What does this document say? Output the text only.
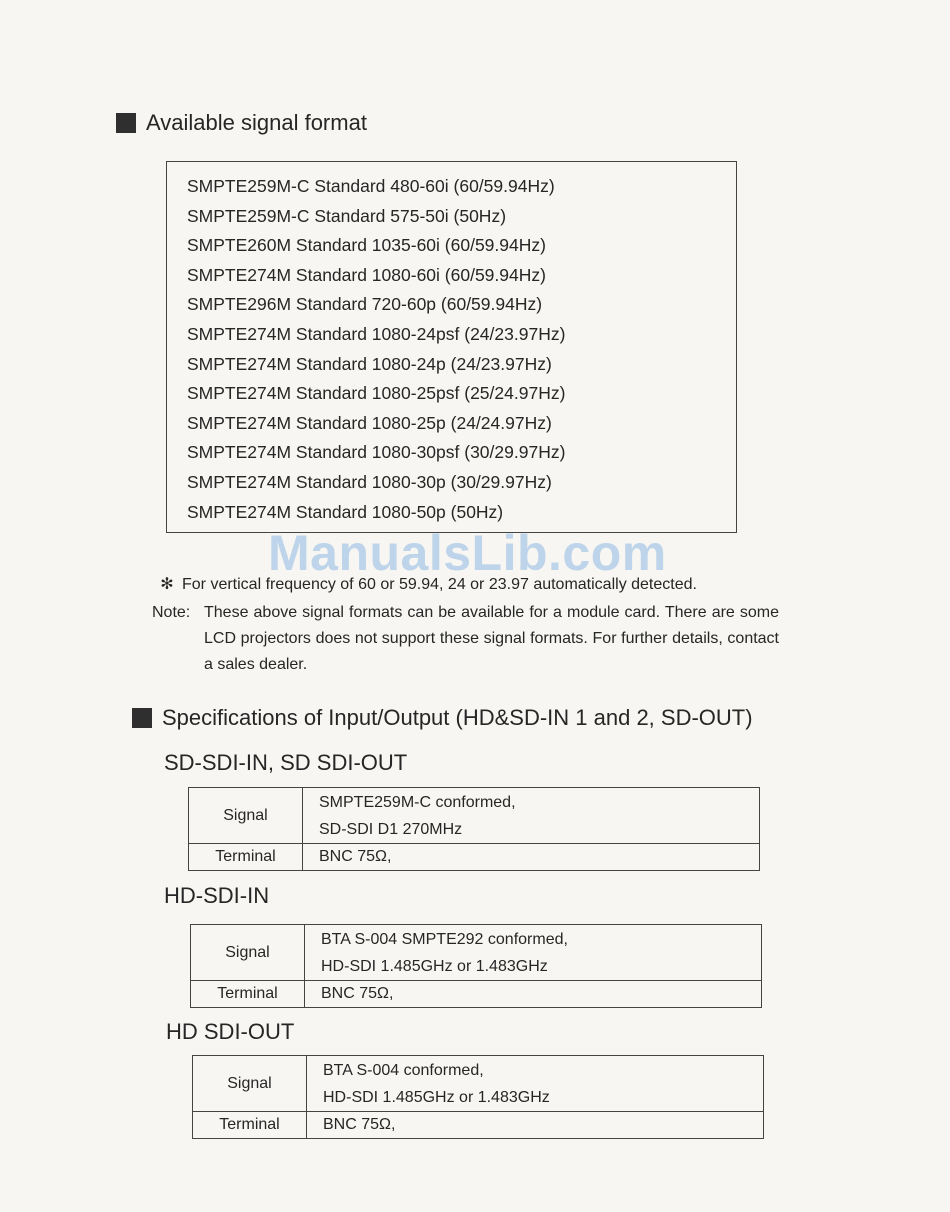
Available signal format
SMPTE259M-C Standard 480-60i (60/59.94Hz)
SMPTE259M-C Standard 575-50i (50Hz)
SMPTE260M Standard 1035-60i (60/59.94Hz)
SMPTE274M Standard 1080-60i (60/59.94Hz)
SMPTE296M Standard 720-60p (60/59.94Hz)
SMPTE274M Standard 1080-24psf (24/23.97Hz)
SMPTE274M Standard 1080-24p (24/23.97Hz)
SMPTE274M Standard 1080-25psf (25/24.97Hz)
SMPTE274M Standard 1080-25p (24/24.97Hz)
SMPTE274M Standard 1080-30psf (30/29.97Hz)
SMPTE274M Standard 1080-30p (30/29.97Hz)
SMPTE274M Standard 1080-50p (50Hz)
ManualsLib.com
✻ For vertical frequency of 60 or 59.94, 24 or 23.97 automatically detected.
Note: These above signal formats can be available for a module card. There are some LCD projectors does not support these signal formats. For further details, contact a sales dealer.
Specifications of Input/Output (HD&SD-IN 1 and 2, SD-OUT)
SD-SDI-IN, SD SDI-OUT
Signal	SMPTE259M-C conformed,
SD-SDI D1 270MHz

Terminal	BNC 75Ω,
HD-SDI-IN
Signal	BTA S-004 SMPTE292 conformed,
HD-SDI 1.485GHz or 1.483GHz

Terminal	BNC 75Ω,
HD SDI-OUT
Signal	BTA S-004 conformed,
HD-SDI 1.485GHz or 1.483GHz

Terminal	BNC 75Ω,
